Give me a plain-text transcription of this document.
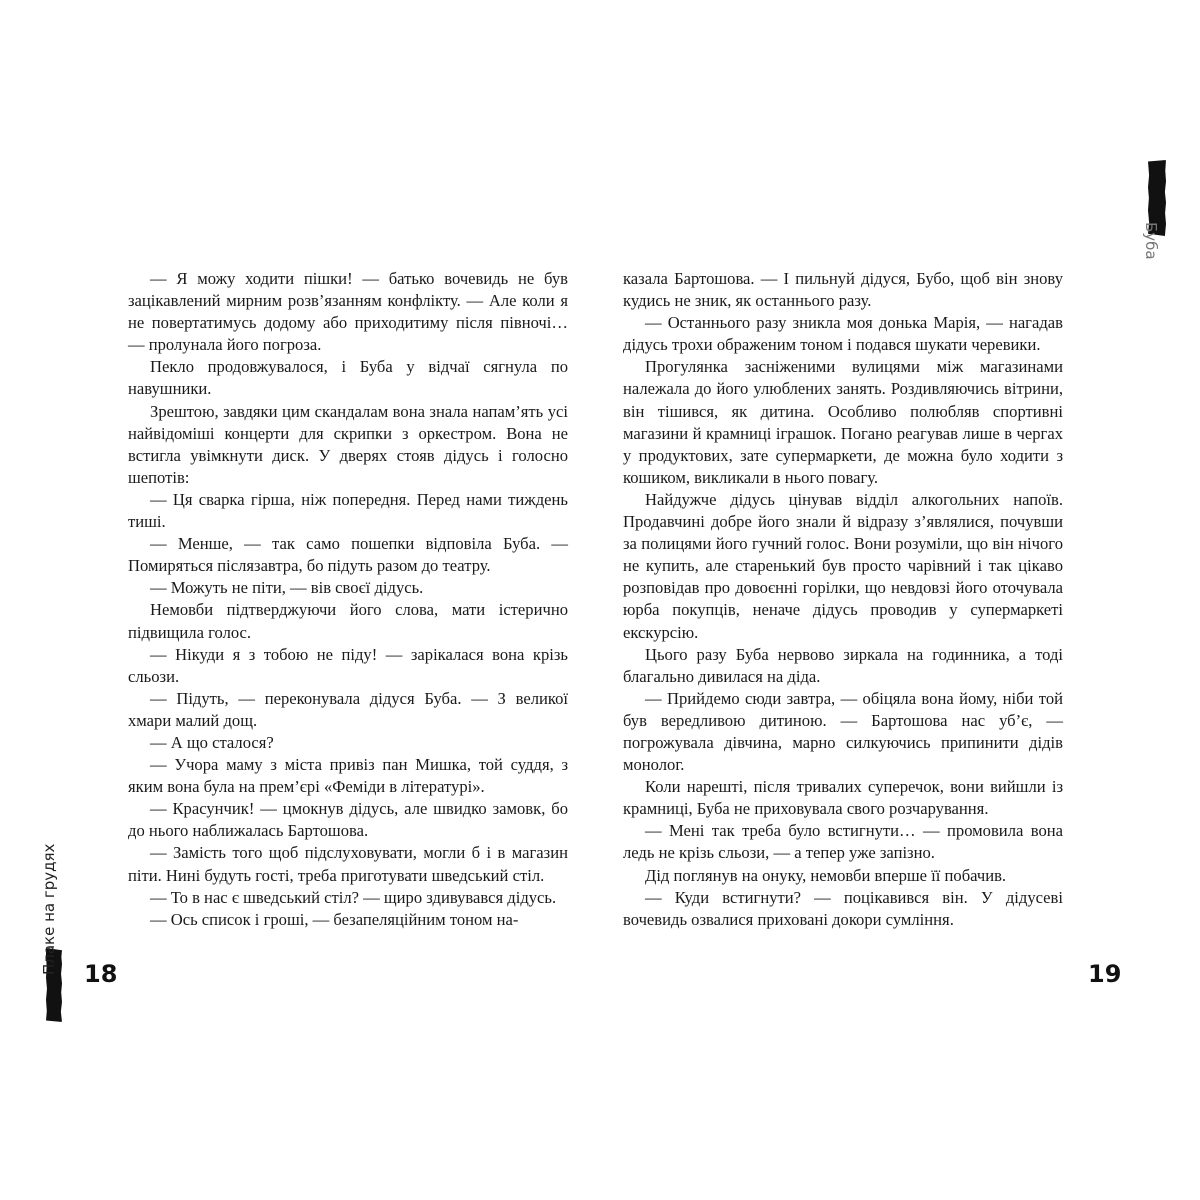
Плаке на грудях

— Я можу ходити пішки! — батько вочевидь не був зацікавлений мирним розв’язанням конфлікту. — Але коли я не повертатимусь додому або приходитиму після півночі… — пролунала його погроза.

Пекло продовжувалося, і Буба у відчаї сягнула по навушники.

Зрештою, завдяки цим скандалам вона знала напам’ять усі найвідоміші концерти для скрипки з оркестром. Вона не встигла увімкнути диск. У дверях стояв дідусь і голосно шепотів:

— Ця сварка гірша, ніж попередня. Перед нами тиждень тиші.

— Менше, — так само пошепки відповіла Буба. — Помиряться післязавтра, бо підуть разом до театру.

— Можуть не піти, — вів своєї дідусь.

Немовби підтверджуючи його слова, мати істерично підвищила голос.

— Нікуди я з тобою не піду! — зарікалася вона крізь сльози.

— Підуть, — переконувала дідуся Буба. — З великої хмари малий дощ.

— А що сталося?

— Учора маму з міста привіз пан Мишка, той суддя, з яким вона була на прем’єрі «Феміди в літературі».

— Красунчик! — цмокнув дідусь, але швидко замовк, бо до нього наближалась Бартошова.

— Замість того щоб підслуховувати, могли б і в магазин піти. Нині будуть гості, треба приготувати шведський стіл.

— То в нас є шведський стіл? — щиро здивувався дідусь.

— Ось список і гроші, — безапеляційним тоном на-

18
Буба

казала Бартошова. — І пильнуй дідуся, Бубо, щоб він знову кудись не зник, як останнього разу.

— Останнього разу зникла моя донька Марія, — нагадав дідусь трохи ображеним тоном і подався шукати черевики.

Прогулянка засніженими вулицями між магазинами належала до його улюблених занять. Роздивляючись вітрини, він тішився, як дитина. Особливо полюбляв спортивні магазини й крамниці іграшок. Погано реагував лише в чергах у продуктових, зате супермаркети, де можна було ходити з кошиком, викликали в нього повагу.

Найдужче дідусь цінував відділ алкогольних напоїв. Продавчині добре його знали й відразу з’являлися, почувши за полицями його гучний голос. Вони розуміли, що він нічого не купить, але старенький був просто чарівний і так цікаво розповідав про довоєнні горілки, що невдовзі його оточувала юрба покупців, неначе дідусь проводив у супермаркеті екскурсію.

Цього разу Буба нервово зиркала на годинника, а тоді благально дивилася на діда.

— Прийдемо сюди завтра, — обіцяла вона йому, ніби той був вередливою дитиною. — Бартошова нас уб’є, — погрожувала дівчина, марно силкуючись припинити дідів монолог.

Коли нарешті, після тривалих суперечок, вони вийшли із крамниці, Буба не приховувала свого розчарування.

— Мені так треба було встигнути… — промовила вона ледь не крізь сльози, — а тепер уже запізно.

Дід поглянув на онуку, немовби вперше її побачив.

— Куди встигнути? — поцікавився він. У дідусеві вочевидь озвалися приховані докори сумління.

19
